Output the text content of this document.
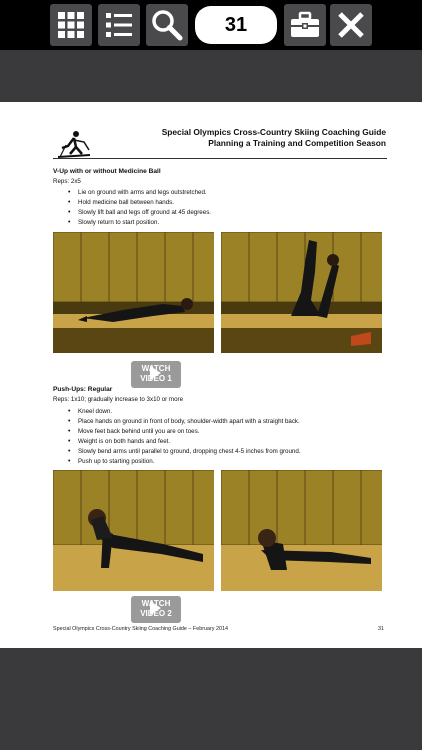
31
Special Olympics Cross-Country Skiing Coaching Guide
Planning a Training and Competition Season
V-Up with or without Medicine Ball
Reps: 2x5
• Lie on ground with arms and legs outstretched.
• Hold medicine ball between hands.
• Slowly lift ball and legs off ground at 45 degrees.
• Slowly return to start position.
WATCH
VIDEO 1
Push-Ups: Regular
Reps: 1x10; gradually increase to 3x10 or more
• Kneel down.
• Place hands on ground in front of body, shoulder-width apart with a straight back.
• Move feet back behind until you are on toes.
• Weight is on both hands and feet.
• Slowly bend arms until parallel to ground, dropping chest 4-5 inches from ground.
• Push up to starting position.
WATCH
VIDEO 2
Special Olympics Cross-Country Skiing Coaching Guide – February 2014	31
